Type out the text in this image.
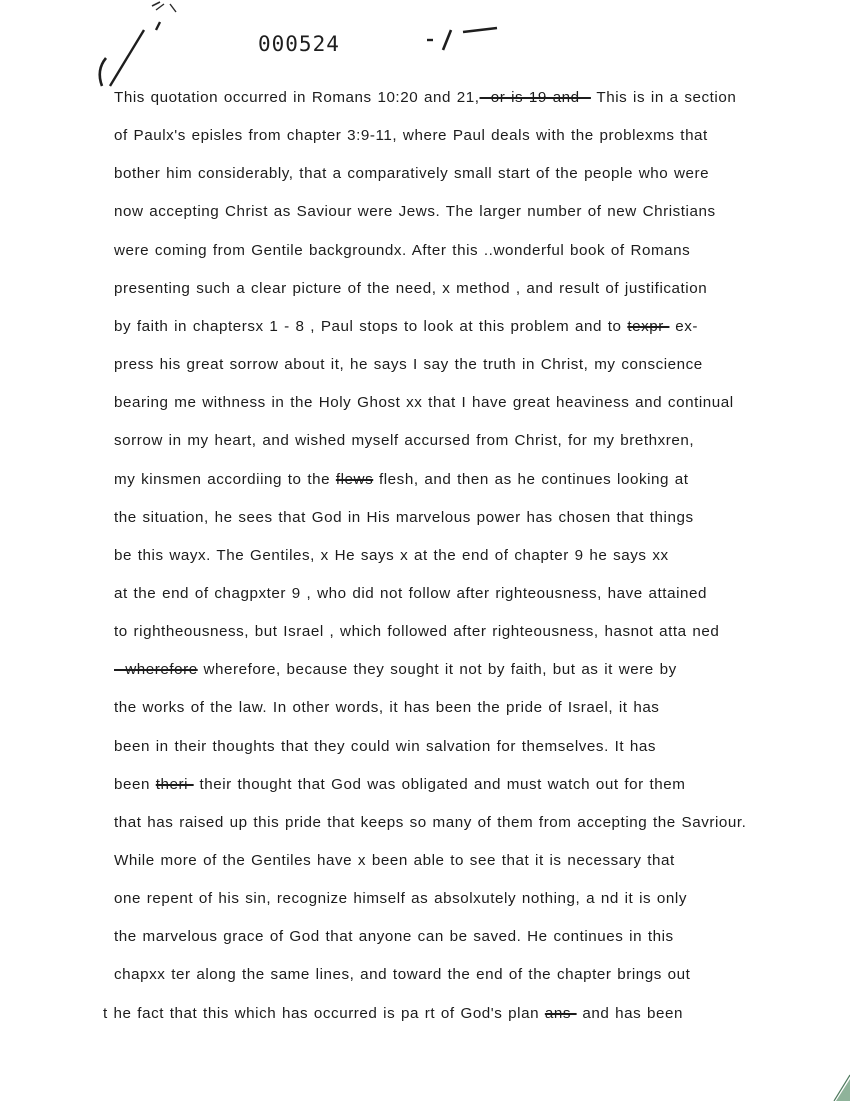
000524
This quotation occurred in Romans 10:20 and 21,--or is 19 and-- This is in a section
of Paulx's episles from chapter 3:9-11, where Paul deals with the problexms that
bother him considerably, that a comparatively small start of the people who were
now accepting Christ as Saviour were Jews. The larger number of new Christians
were coming from Gentile backgroundx. After this ..wonderful book of Romans
presenting such a clear picture of the need, x method , and result of justification
by faith in chaptersx 1 - 8 , Paul stops to look at this problem and to texpr- ex-
press his great sorrow about it, he says I say the truth in Christ, my conscience
bearing me withness in the Holy Ghost xx that I have great heaviness and continual
sorrow in my heart, and wished myself accursed from Christ, for my brethxren,
my kinsmen accordiing to the flews flesh, and then as he continues looking at
the situation, he sees that God in His marvelous power has chosen that things
be this wayx. The Gentiles, x He says x at the end of chapter 9 he says xx
at the end of chagpxter 9 , who did not follow after righteousness, have attained
to rightheousness, but Israel , which followed after righteousness, hasnot atta ned
--wherefore wherefore, because they sought it not by faith, but as it were by
the works of the law. In other words, it has been the pride of Israel, it has
been in their thoughts that they could win salvation for themselves. It has
been theri- their thought that God was obligated and must watch out for them
that has raised up this pride that keeps so many of them from accepting the Savriour.
While more of the Gentiles have x been able to see that it is necessary that
one repent of his sin, recognize himself as absolxutely nothing, a nd it is only
the marvelous grace of God that anyone can be saved. He continues in this
chapxx ter along the same lines, and toward the end of the chapter brings out
t he fact that this which has occurred is pa rt of God's plan ans- and has been
